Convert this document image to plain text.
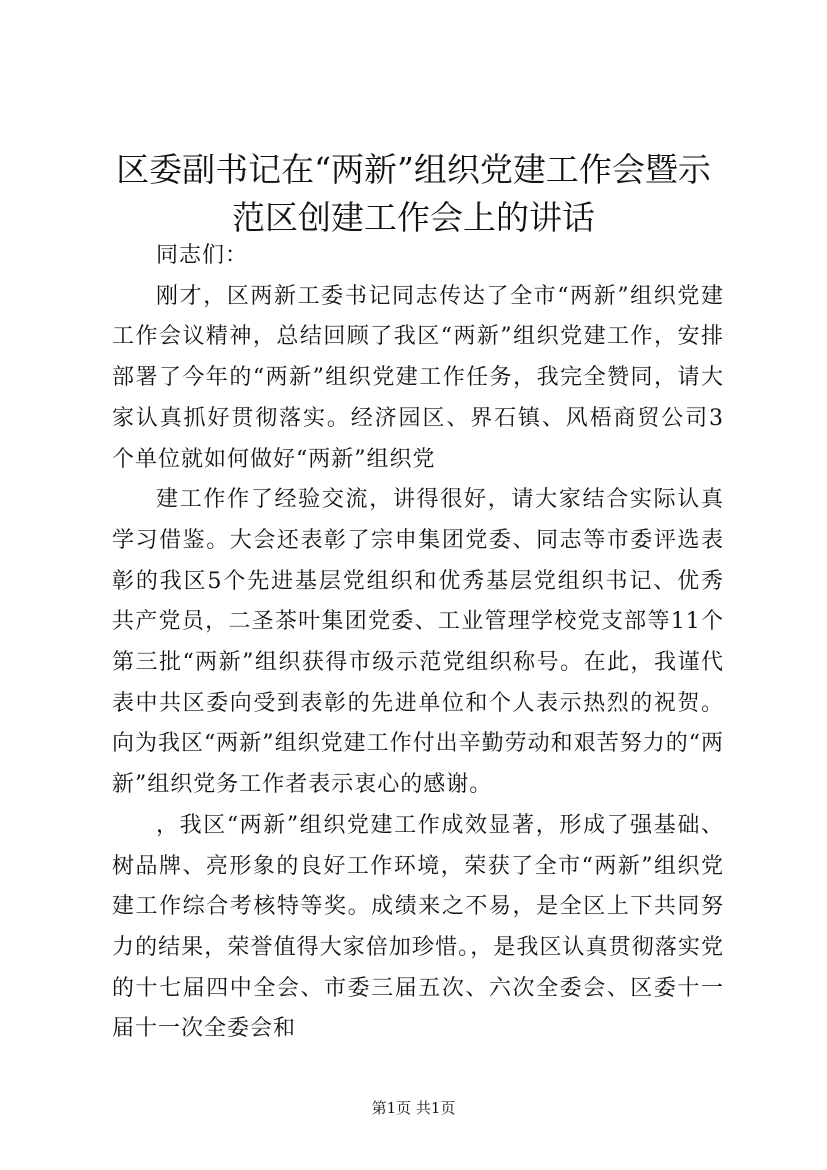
区委副书记在“两新”组织党建工作会暨示范区创建工作会上的讲话

同志们：

刚才，区两新工委书记同志传达了全市“两新”组织党建工作会议精神，总结回顾了我区“两新”组织党建工作，安排部署了今年的“两新”组织党建工作任务，我完全赞同，请大家认真抓好贯彻落实。经济园区、界石镇、风梧商贸公司3个单位就如何做好“两新”组织党

建工作作了经验交流，讲得很好，请大家结合实际认真学习借鉴。大会还表彰了宗申集团党委、同志等市委评选表彰的我区5个先进基层党组织和优秀基层党组织书记、优秀共产党员，二圣茶叶集团党委、工业管理学校党支部等11个第三批“两新”组织获得市级示范党组织称号。在此，我谨代表中共区委向受到表彰的先进单位和个人表示热烈的祝贺。向为我区“两新”组织党建工作付出辛勤劳动和艰苦努力的“两新”组织党务工作者表示衷心的感谢。

，我区“两新”组织党建工作成效显著，形成了强基础、树品牌、亮形象的良好工作环境，荣获了全市“两新”组织党建工作综合考核特等奖。成绩来之不易，是全区上下共同努力的结果，荣誉值得大家倍加珍惜。，是我区认真贯彻落实党的十七届四中全会、市委三届五次、六次全委会、区委十一届十一次全委会和

第1页 共1页
